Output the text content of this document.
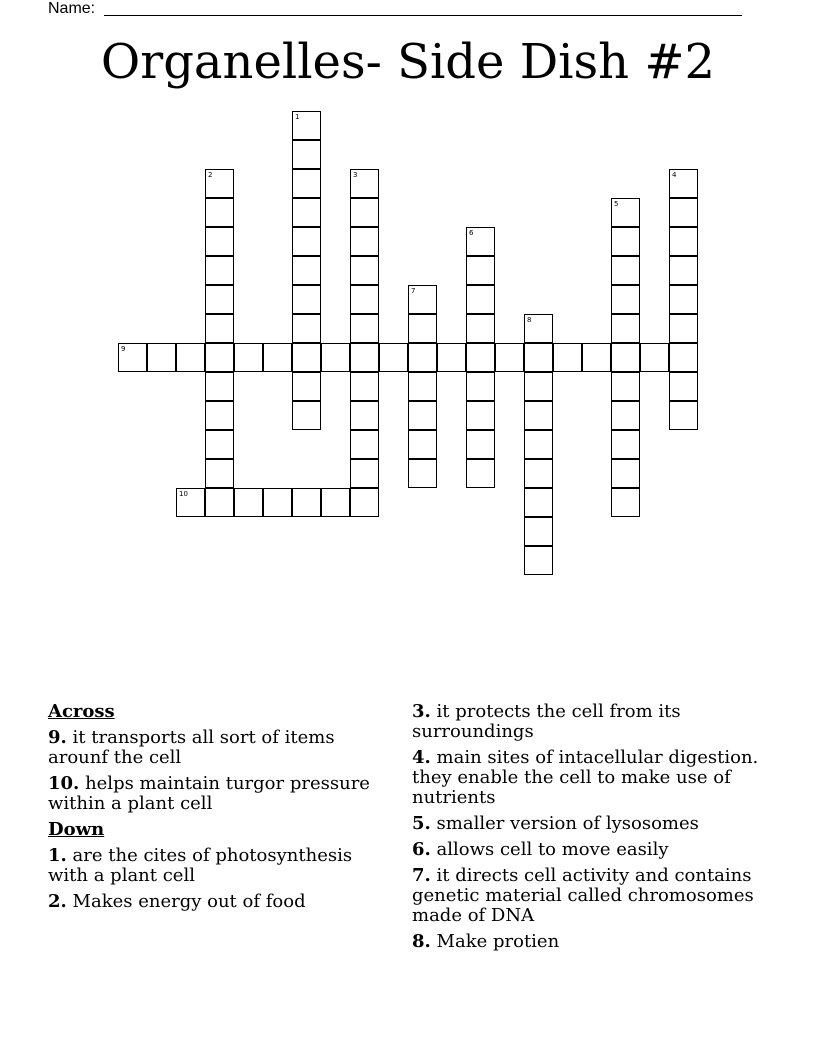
Name:
Organelles- Side Dish #2
1
2	3	4
5
6
7
8
9
10
Across
9. it transports all sort of items arounf the cell
10. helps maintain turgor pressure within a plant cell
Down
1. are the cites of photosynthesis with a plant cell
2. Makes energy out of food
3. it protects the cell from its surroundings
4. main sites of intacellular digestion. they enable the cell to make use of nutrients
5. smaller version of lysosomes
6. allows cell to move easily
7. it directs cell activity and contains genetic material called chromosomes made of DNA
8. Make protien
